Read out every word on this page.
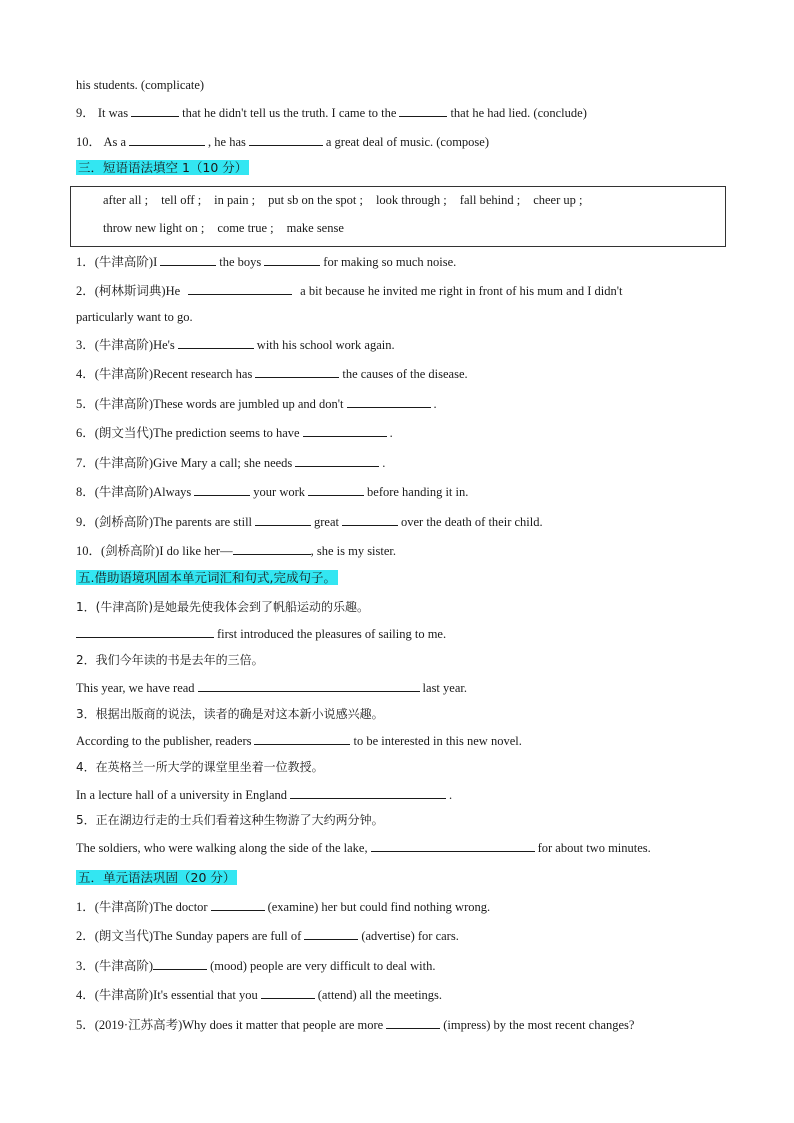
his students. (complicate)
9． It was	that he didn't tell us the truth. I came to the	that he had lied. (conclude)
10． As a	, he has	a great deal of music. (compose)
三．短语语法填空 1（10 分）
after all ; tell off ; in pain ; put sb on the spot ; look through ; fall behind ; cheer up ;
throw new light on ; come true ; make sense
1．(牛津高阶)I	the boys	for making so much noise.
2．(柯林斯词典)He	a bit because he invited me right in front of his mum and I didn't
particularly want to go.
3．(牛津高阶)He's	with his school work again.
4．(牛津高阶)Recent research has	the causes of the disease.
5．(牛津高阶)These words are jumbled up and don't	.
6．(朗文当代)The prediction seems to have	.
7．(牛津高阶)Give Mary a call; she needs	.
8．(牛津高阶)Always	your work	before handing it in.
9．(剑桥高阶)The parents are still	great	over the death of their child.
10．(剑桥高阶)I do like her—	, she is my sister.
五.借助语境巩固本单元词汇和句式,完成句子。
1．(牛津高阶)是她最先使我体会到了帆船运动的乐趣。
first introduced the pleasures of sailing to me.
2．我们今年读的书是去年的三倍。
This year, we have read	last year.
3．根据出版商的说法，读者的确是对这本新小说感兴趣。
According to the publisher, readers	to be interested in this new novel.
4．在英格兰一所大学的课堂里坐着一位教授。
In a lecture hall of a university in England	.
5．正在湖边行走的士兵们看着这种生物游了大约两分钟。
The soldiers, who were walking along the side of the lake,	for about two minutes.
五．单元语法巩固（20 分）
1．(牛津高阶)The doctor	(examine) her but could find nothing wrong.
2．(朗文当代)The Sunday papers are full of	(advertise) for cars.
3．(牛津高阶)	(mood) people are very difficult to deal with.
4．(牛津高阶)It's essential that you	(attend) all the meetings.
5．(2019·江苏高考)Why does it matter that people are more	(impress) by the most recent changes?
